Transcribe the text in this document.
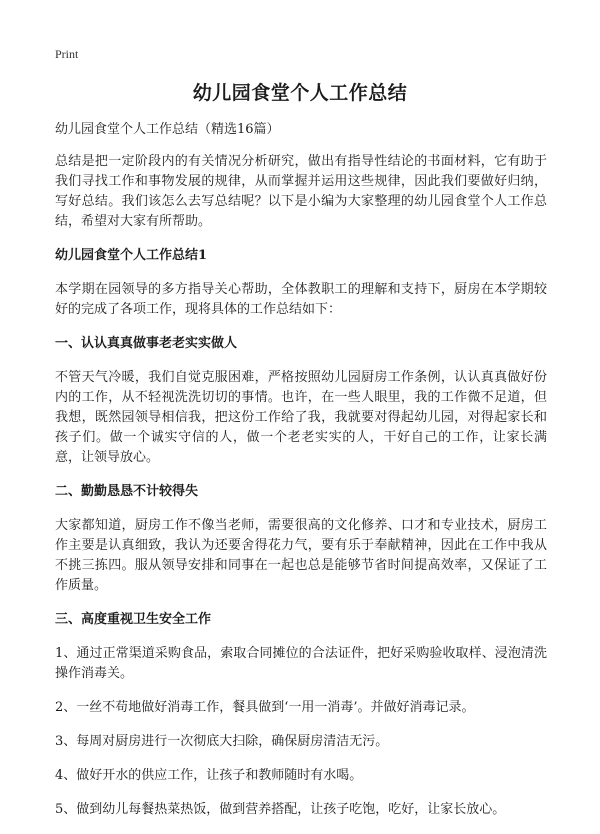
Print
幼儿园食堂个人工作总结

幼儿园食堂个人工作总结（精选16篇）

总结是把一定阶段内的有关情况分析研究，做出有指导性结论的书面材料，它有助于我们寻找工作和事物发展的规律，从而掌握并运用这些规律，因此我们要做好归纳，写好总结。我们该怎么去写总结呢？以下是小编为大家整理的幼儿园食堂个人工作总结，希望对大家有所帮助。

幼儿园食堂个人工作总结1

本学期在园领导的多方指导关心帮助，全体教职工的理解和支持下，厨房在本学期较好的完成了各项工作，现将具体的工作总结如下：

一、认认真真做事老老实实做人

不管天气冷暖，我们自觉克服困难，严格按照幼儿园厨房工作条例，认认真真做好份内的工作，从不轻视洗洗切切的事情。也许，在一些人眼里，我的工作微不足道，但我想，既然园领导相信我，把这份工作给了我，我就要对得起幼儿园，对得起家长和孩子们。做一个诚实守信的人，做一个老老实实的人，干好自己的工作，让家长满意，让领导放心。

二、勤勤恳恳不计较得失

大家都知道，厨房工作不像当老师，需要很高的文化修养、口才和专业技术，厨房工作主要是认真细致，我认为还要舍得花力气，要有乐于奉献精神，因此在工作中我从不挑三拣四。服从领导安排和同事在一起也总是能够节省时间提高效率，又保证了工作质量。

三、高度重视卫生安全工作

1、通过正常渠道采购食品，索取合同摊位的合法证件，把好采购验收取样、浸泡清洗操作消毒关。

2、一丝不苟地做好消毒工作，餐具做到‘一用一消毒’。并做好消毒记录。

3、每周对厨房进行一次彻底大扫除，确保厨房清洁无污。

4、做好开水的供应工作，让孩子和教师随时有水喝。

5、做到幼儿每餐热菜热饭，做到营养搭配，让孩子吃饱，吃好，让家长放心。
